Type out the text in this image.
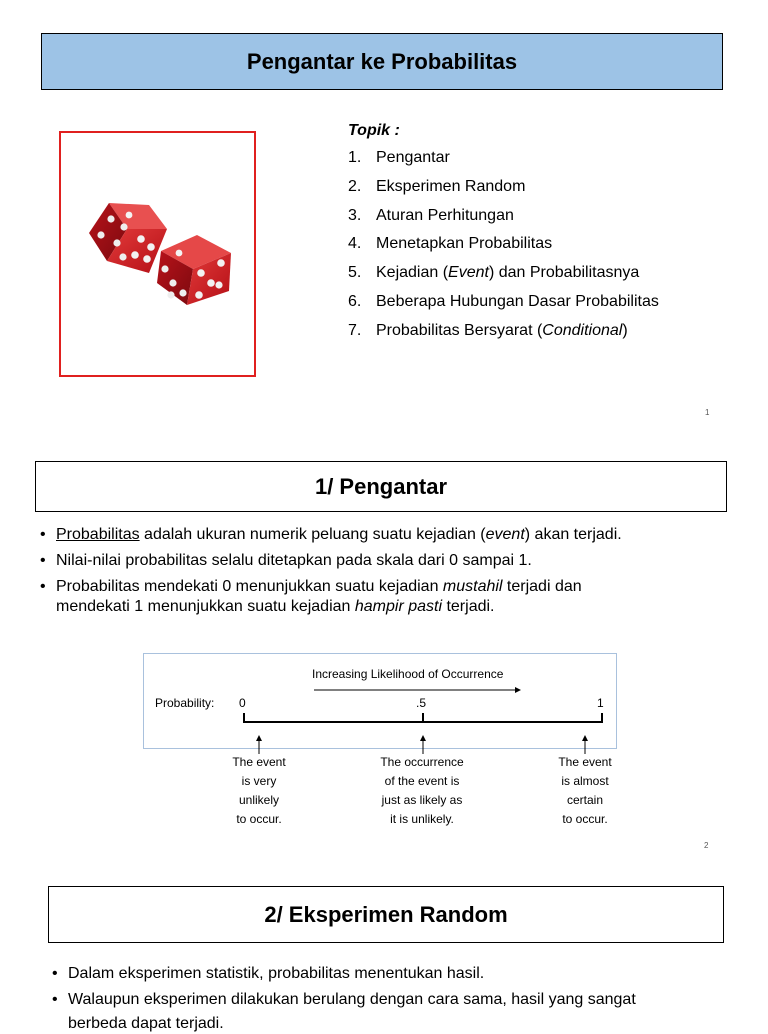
Pengantar ke Probabilitas
Topik :
1. Pengantar
2. Eksperimen Random
3. Aturan Perhitungan
4. Menetapkan Probabilitas
5. Kejadian (Event) dan Probabilitasnya
6. Beberapa Hubungan Dasar Probabilitas
7. Probabilitas Bersyarat (Conditional)
1
1/ Pengantar
• Probabilitas adalah ukuran numerik peluang suatu kejadian (event) akan terjadi.
• Nilai-nilai probabilitas selalu ditetapkan pada skala dari 0 sampai 1.
• Probabilitas mendekati 0 menunjukkan suatu kejadian mustahil terjadi dan
mendekati 1 menunjukkan suatu kejadian hampir pasti terjadi.
Increasing Likelihood of Occurrence
Probability: 0	.5	1
The event
is very
unlikely
to occur.
The occurrence
of the event is
just as likely as
it is unlikely.
The event
is almost
certain
to occur.
2
2/ Eksperimen Random
• Dalam eksperimen statistik, probabilitas menentukan hasil.
• Walaupun eksperimen dilakukan berulang dengan cara sama, hasil yang sangat
berbeda dapat terjadi.
